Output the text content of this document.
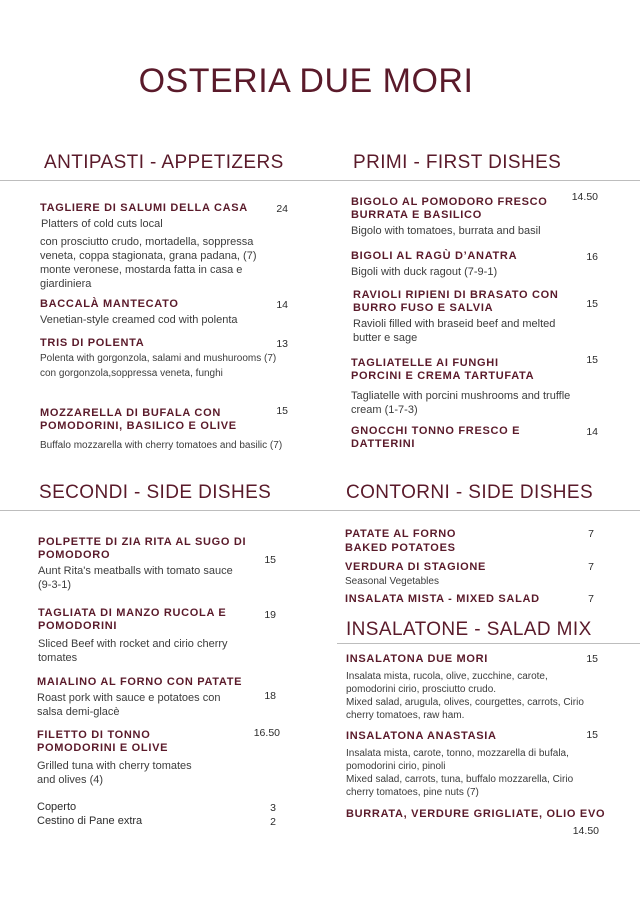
OSTERIA DUE MORI
ANTIPASTI - APPETIZERS
TAGLIERE DI SALUMI DELLA CASA
Platters of cold cuts local
con prosciutto crudo, mortadella, soppressa veneta, coppa stagionata, grana padana, (7) monte veronese, mostarda fatta in casa e giardiniera
24
BACCALÀ MANTECATO
Venetian-style creamed cod with polenta
14
TRIS DI POLENTA
Polenta with gorgonzola, salami and mushurooms (7)
con gorgonzola,soppressa veneta, funghi
13
MOZZARELLA DI BUFALA CON POMODORINI, BASILICO E OLIVE
Buffalo mozzarella with cherry tomatoes and basilic (7)
15
PRIMI - FIRST DISHES
BIGOLO AL POMODORO FRESCO BURRATA E BASILICO
Bigolo with tomatoes, burrata and basil
14.50
BIGOLI AL RAGÙ D’ANATRA
Bigoli with duck ragout (7-9-1)
16
RAVIOLI RIPIENI DI BRASATO CON BURRO FUSO E SALVIA
Ravioli filled with braseid beef and melted butter e sage
15
TAGLIATELLE AI FUNGHI PORCINI E CREMA TARTUFATA
Tagliatelle with porcini mushrooms and truffle cream (1-7-3)
15
GNOCCHI TONNO FRESCO E DATTERINI
14
SECONDI - SIDE DISHES
POLPETTE DI ZIA RITA AL SUGO DI POMODORO
Aunt Rita's meatballs with tomato sauce (9-3-1)
15
TAGLIATA DI MANZO RUCOLA E POMODORINI
Sliced Beef with rocket and cirio cherry tomates
19
MAIALINO AL FORNO CON PATATE
Roast pork with sauce e potatoes con salsa demi-glacè
18
FILETTO DI TONNO POMODORINI E OLIVE
Grilled tuna with cherry tomates and olives (4)
16.50
Coperto	3
Cestino di Pane extra	2
CONTORNI - SIDE DISHES
PATATE AL FORNO
BAKED POTATOES
7
VERDURA DI STAGIONE
Seasonal Vegetables
7
INSALATA MISTA - MIXED SALAD	7
INSALATONE - SALAD MIX
INSALATONA DUE MORI
Insalata mista, rucola, olive, zucchine, carote, pomodorini cirio, prosciutto crudo.
Mixed salad, arugula, olives, courgettes, carrots, Cirio cherry tomatoes, raw ham.
15
INSALATONA ANASTASIA
Insalata mista, carote, tonno, mozzarella di bufala, pomodorini cirio, pinoli
Mixed salad, carrots, tuna, buffalo mozzarella, Cirio cherry tomatoes, pine nuts (7)
15
BURRATA, VERDURE GRIGLIATE, OLIO EVO
14.50
